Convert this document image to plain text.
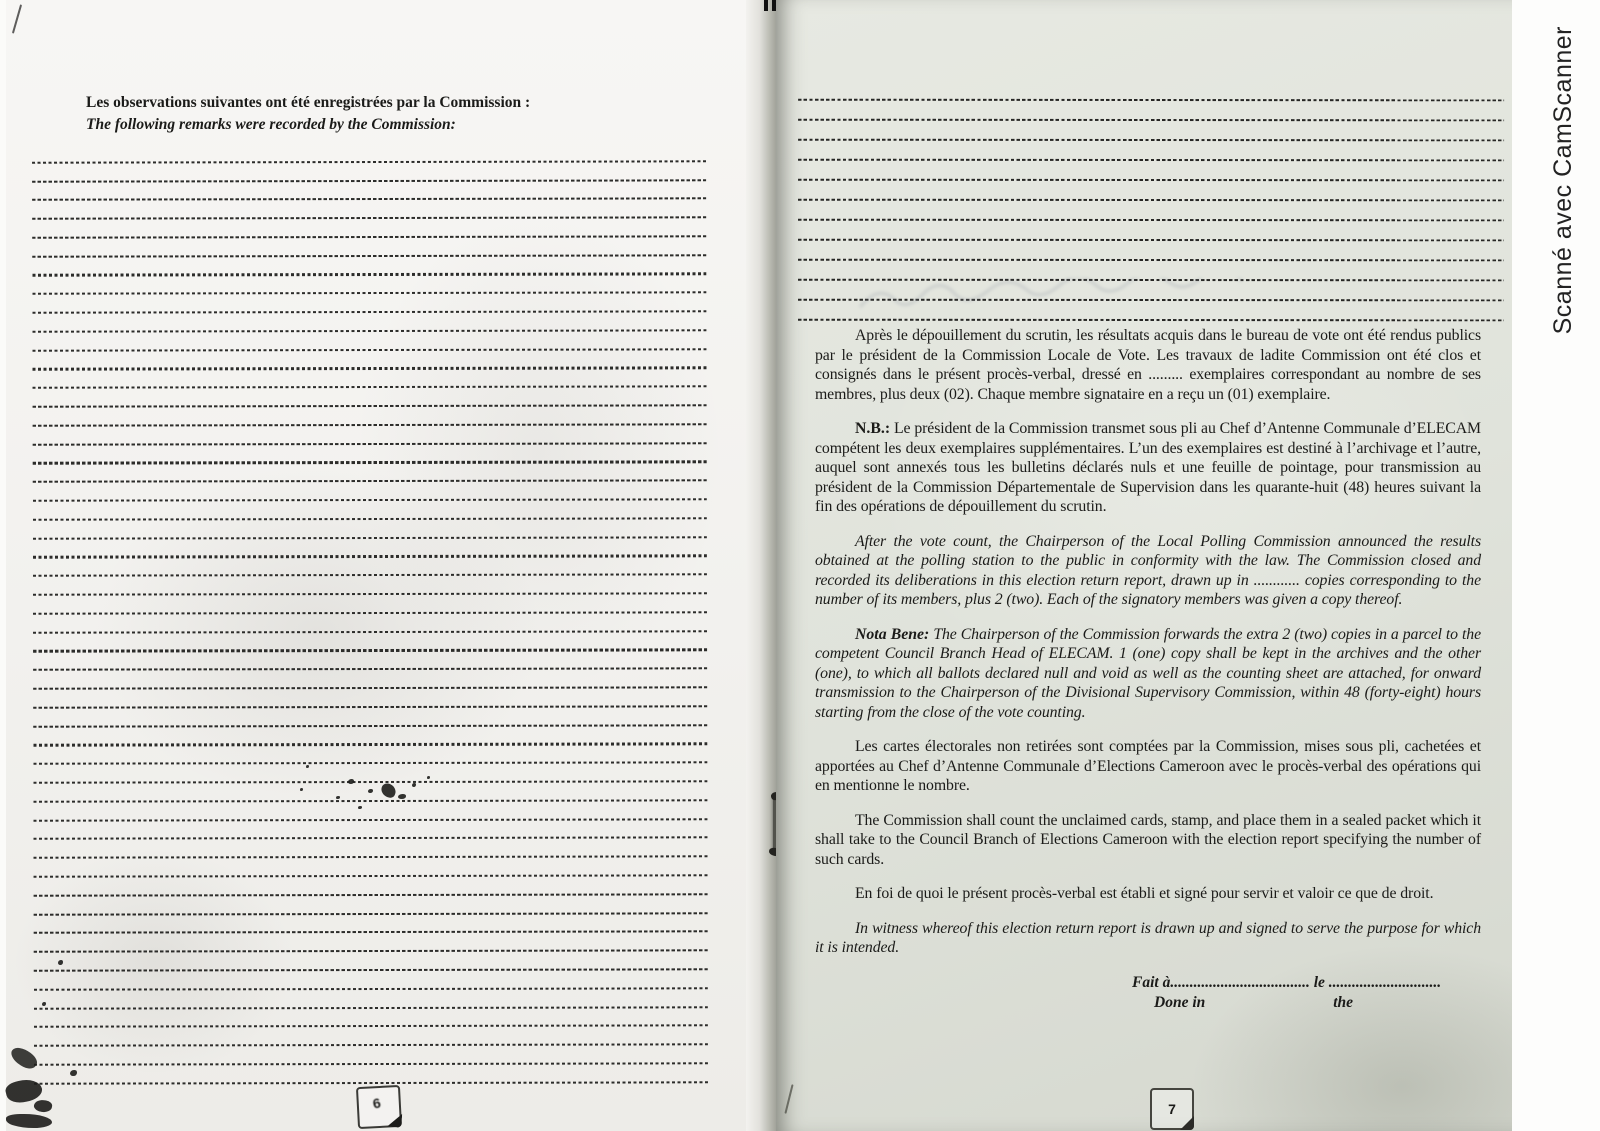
Les observations suivantes ont été enregistrées par la Commission :
The following remarks were recorded by the Commission:
6

Après le dépouillement du scrutin, les résultats acquis dans le bureau de vote ont été rendus publics par le président de la Commission Locale de Vote. Les travaux de ladite Commission ont été clos et consignés dans le présent procès-verbal, dressé en ......... exemplaires correspondant au nombre de ses membres, plus deux (02). Chaque membre signataire en a reçu un (01) exemplaire.

N.B.: Le président de la Commission transmet sous pli au Chef d’Antenne Communale d’ELECAM compétent les deux exemplaires supplémentaires. L’un des exemplaires est destiné à l’archivage et l’autre, auquel sont annexés tous les bulletins déclarés nuls et une feuille de pointage, pour transmission au président de la Commission Départementale de Supervision dans les quarante-huit (48) heures suivant la fin des opérations de dépouillement du scrutin.

After the vote count, the Chairperson of the Local Polling Commission announced the results obtained at the polling station to the public in conformity with the law. The Commission closed and recorded its deliberations in this election return report, drawn up in ............ copies corresponding to the number of its members, plus 2 (two). Each of the signatory members was given a copy thereof.

Nota Bene: The Chairperson of the Commission forwards the extra 2 (two) copies in a parcel to the competent Council Branch Head of ELECAM. 1 (one) copy shall be kept in the archives and the other (one), to which all ballots declared null and void as well as the counting sheet are attached, for onward transmission to the Chairperson of the Divisional Supervisory Commission, within 48 (forty-eight) hours starting from the close of the vote counting.

Les cartes électorales non retirées sont comptées par la Commission, mises sous pli, cachetées et apportées au Chef d’Antenne Communale d’Elections Cameroon avec le procès-verbal des opérations qui en mentionne le nombre.

The Commission shall count the unclaimed cards, stamp, and place them in a sealed packet which it shall take to the Council Branch of Elections Cameroon with the election report specifying the number of such cards.

En foi de quoi le présent procès-verbal est établi et signé pour servir et valoir ce que de droit.

In witness whereof this election return report is drawn up and signed to serve the purpose for which it is intended.

Fait à.................................... le .............................
Done in	the
7
Scanné avec CamScanner
